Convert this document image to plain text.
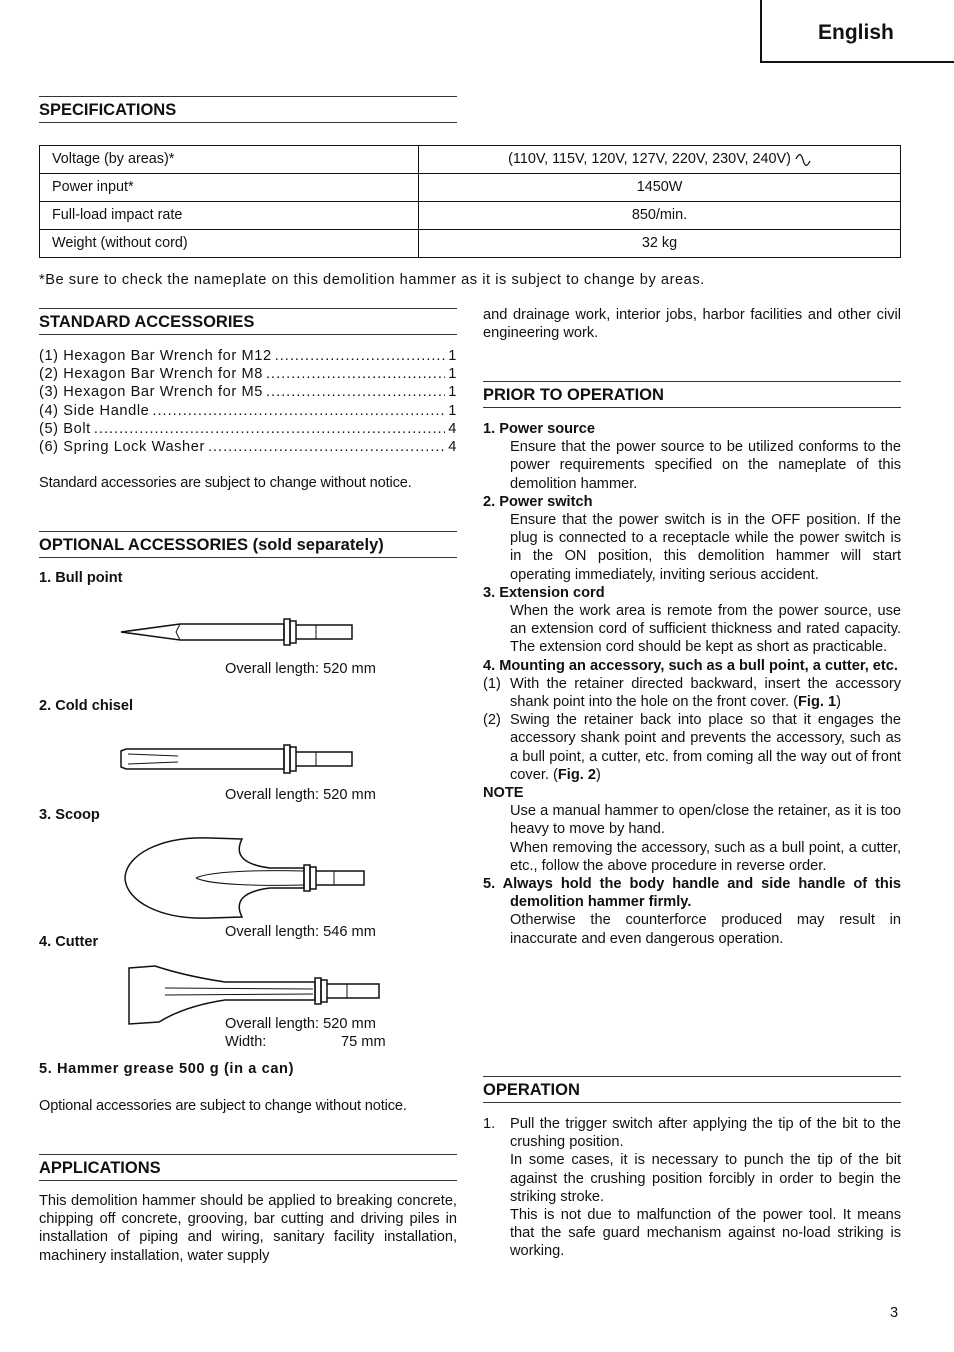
English
SPECIFICATIONS
Voltage (by areas)*	(110V, 115V, 120V, 127V, 220V, 230V, 240V)
Power input*	1450W
Full-load impact rate	850/min.
Weight (without cord)	32 kg
*Be sure to check the nameplate on this demolition hammer as it is subject to change by areas.
STANDARD ACCESSORIES
(1) Hexagon Bar Wrench for M12 .....	1
(2) Hexagon Bar Wrench for M8 .....	1
(3) Hexagon Bar Wrench for M5 .....	1
(4) Side Handle .....	1
(5) Bolt .....	4
(6) Spring Lock Washer .....	4
Standard accessories are subject to change without notice.
OPTIONAL ACCESSORIES (sold separately)
1. Bull point
Overall length: 520 mm
2. Cold chisel
Overall length: 520 mm
3. Scoop
Overall length: 546 mm
4. Cutter
Overall length: 520 mm
Width:	75 mm
5. Hammer grease 500 g (in a can)
Optional accessories are subject to change without notice.
APPLICATIONS
This demolition hammer should be applied to breaking concrete, chipping off concrete, grooving, bar cutting and driving piles in installation of piping and wiring, sanitary facility installation, machinery installation, water supply
and drainage work, interior jobs, harbor facilities and other civil engineering work.
PRIOR TO OPERATION
1. Power source
Ensure that the power source to be utilized conforms to the power requirements specified on the nameplate of this demolition hammer.
2. Power switch
Ensure that the power switch is in the OFF position. If the plug is connected to a receptacle while the power switch is in the ON position, this demolition hammer will start operating immediately, inviting serious accident.
3. Extension cord
When the work area is remote from the power source, use an extension cord of sufficient thickness and rated capacity. The extension cord should be kept as short as practicable.
4. Mounting an accessory, such as a bull point, a cutter, etc.
(1) With the retainer directed backward, insert the accessory shank point into the hole on the front cover. (Fig. 1)
(2) Swing the retainer back into place so that it engages the accessory shank point and prevents the accessory, such as a bull point, a cutter, etc. from coming all the way out of front cover. (Fig. 2)
NOTE
Use a manual hammer to open/close the retainer, as it is too heavy to move by hand.
When removing the accessory, such as a bull point, a cutter, etc., follow the above procedure in reverse order.
5. Always hold the body handle and side handle of this demolition hammer firmly.
Otherwise the counterforce produced may result in inaccurate and even dangerous operation.
OPERATION
1.	Pull the trigger switch after applying the tip of the bit to the crushing position.
In some cases, it is necessary to punch the tip of the bit against the crushing position forcibly in order to begin the striking stroke.
This is not due to malfunction of the power tool. It means that the safe guard mechanism against no-load striking is working.
3
